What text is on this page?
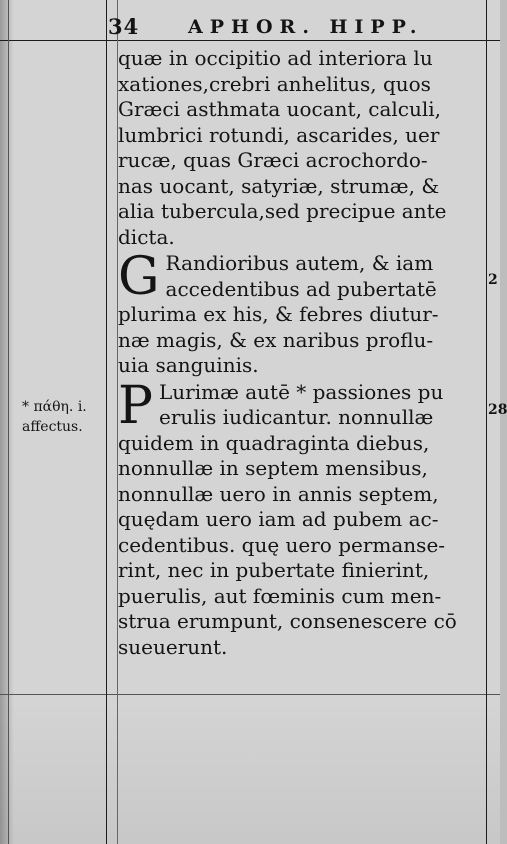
34	APHOR. HIPP.
* πάθη. i.
affectus.
2
28
quæ in occipitio ad interiora lu
xationes,crebri anhelitus, quos
Græci asthmata uocant, calculi,
lumbrici rotundi, ascarides, uer
rucæ, quas Græci acrochordo-
nas uocant, satyriæ, strumæ, &
alia tubercula,sed precipue ante
dicta.
G Randioribus autem, & iam
accedentibus ad pubertatē
plurima ex his, & febres diutur-
næ magis, & ex naribus proflu-
uia sanguinis.
P Lurimæ autē * passiones pu
erulis iudicantur. nonnullæ
quidem in quadraginta diebus,
nonnullæ in septem mensibus,
nonnullæ uero in annis septem,
quędam uero iam ad pubem ac-
cedentibus. quę uero permanse-
rint, nec in pubertate finierint,
puerulis, aut fœminis cum men-
strua erumpunt, consenescere cō
sueuerunt.
